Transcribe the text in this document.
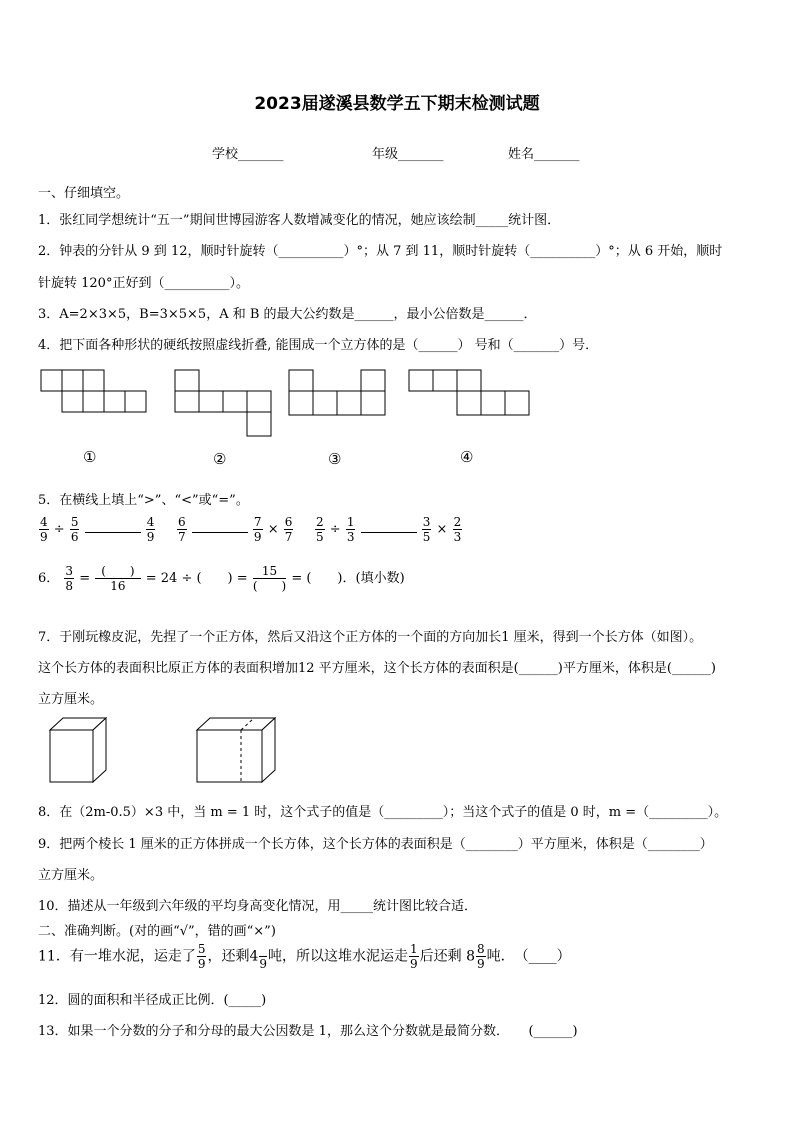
2023届遂溪县数学五下期末检测试题
学校_______	年级_______	姓名_______
一、仔细填空。
1．张红同学想统计“五一”期间世博园游客人数增减变化的情况，她应该绘制_____统计图．
2．钟表的分针从 9 到 12，顺时针旋转（__________）°；从 7 到 11，顺时针旋转（__________）°；从 6 开始，顺时
针旋转 120°正好到（__________）。
3．A=2×3×5，B=3×5×5，A 和 B 的最大公约数是______，最小公倍数是______．
4．把下面各种形状的硬纸按照虚线折叠, 能围成一个立方体的是（______） 号和（_______）号．
①	②	③	④
5．在横线上填上“>”、“<”或“=”。
$\frac{4}{9} \div \frac{5}{6}$
	$\frac{4}{9} \frac{6}{7}$
	$\frac{7}{9} \times \frac{6}{7} \frac{2}{5} \div \frac{1}{3}$
	$\frac{3}{5} \times \frac{2}{3}$
6． $\frac{3}{8} = \frac{( )}{16} = 24$ ÷ (　　) = $\frac{15}{( )}$ = (　　)．(填小数)
7．于刚玩橡皮泥，先捏了一个正方体，然后又沿这个正方体的一个面的方向加长1 厘米，得到一个长方体（如图）。
这个长方体的表面积比原正方体的表面积增加12 平方厘米，这个长方体的表面积是(______)平方厘米，体积是(______)
立方厘米。
8．在（2m-0.5）×3 中，当 m = 1 时，这个式子的值是（_________）；当这个式子的值是 0 时，m =（_________）。
9．把两个棱长 1 厘米的正方体拼成一个长方体，这个长方体的表面积是（________）平方厘米，体积是（________）
立方厘米。
10．描述从一年级到六年级的平均身高变化情况，用_____统计图比较合适．
二、准确判断。(对的画“√”，错的画“×”)
11．有一堆水泥，运走了 $\frac{5}{9}$ ，还剩4 9 吨，所以这堆水泥运走 $\frac{1}{9}$ 后还剩 $8 \frac{8}{9}$ 吨．　（____）
12．圆的面积和半径成正比例．(_____)
13．如果一个分数的分子和分母的最大公因数是 1，那么这个分数就是最简分数．　　(______)
